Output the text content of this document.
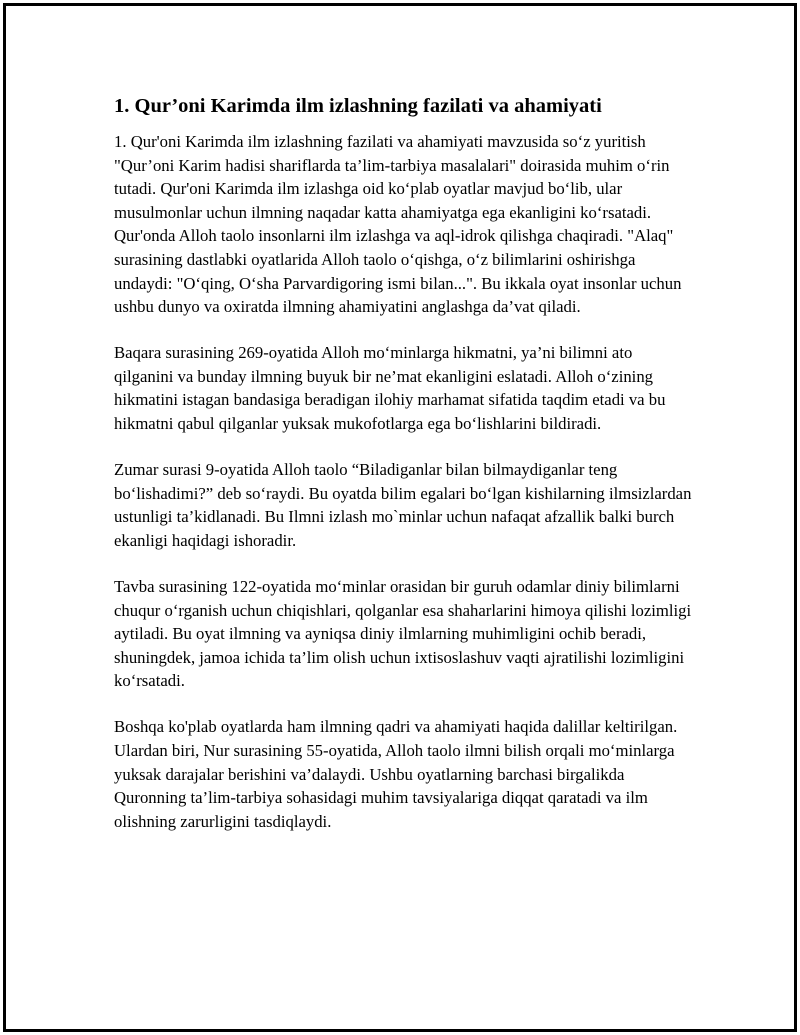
1. Qur’oni Karimda ilm izlashning fazilati va ahamiyati

1. Qur'oni Karimda ilm izlashning fazilati va ahamiyati mavzusida so‘z yuritish "Qur’oni Karim hadisi shariflarda ta’lim-tarbiya masalalari" doirasida muhim o‘rin tutadi. Qur'oni Karimda ilm izlashga oid ko‘plab oyatlar mavjud bo‘lib, ular musulmonlar uchun ilmning naqadar katta ahamiyatga ega ekanligini ko‘rsatadi. Qur'onda Alloh taolo insonlarni ilm izlashga va aql-idrok qilishga chaqiradi. "Alaq" surasining dastlabki oyatlarida Alloh taolo o‘qishga, o‘z bilimlarini oshirishga undaydi: "O‘qing, O‘sha Parvardigoring ismi bilan...". Bu ikkala oyat insonlar uchun ushbu dunyo va oxiratda ilmning ahamiyatini anglashga da’vat qiladi.

Baqara surasining 269-oyatida Alloh mo‘minlarga hikmatni, ya’ni bilimni ato qilganini va bunday ilmning buyuk bir ne’mat ekanligini eslatadi. Alloh o‘zining hikmatini istagan bandasiga beradigan ilohiy marhamat sifatida taqdim etadi va bu hikmatni qabul qilganlar yuksak mukofotlarga ega bo‘lishlarini bildiradi.

Zumar surasi 9-oyatida Alloh taolo “Biladiganlar bilan bilmaydiganlar teng bo‘lishadimi?” deb so‘raydi. Bu oyatda bilim egalari bo‘lgan kishilarning ilmsizlardan ustunligi ta’kidlanadi. Bu Ilmni izlash mo`minlar uchun nafaqat afzallik balki burch ekanligi haqidagi ishoradir.

Tavba surasining 122-oyatida mo‘minlar orasidan bir guruh odamlar diniy bilimlarni chuqur o‘rganish uchun chiqishlari, qolganlar esa shaharlarini himoya qilishi lozimligi aytiladi. Bu oyat ilmning va ayniqsa diniy ilmlarning muhimligini ochib beradi, shuningdek, jamoa ichida ta’lim olish uchun ixtisoslashuv vaqti ajratilishi lozimligini ko‘rsatadi.

Boshqa ko'plab oyatlarda ham ilmning qadri va ahamiyati haqida dalillar keltirilgan. Ulardan biri, Nur surasining 55-oyatida, Alloh taolo ilmni bilish orqali mo‘minlarga yuksak darajalar berishini va’dalaydi. Ushbu oyatlarning barchasi birgalikda Quronning ta’lim-tarbiya sohasidagi muhim tavsiyalariga diqqat qaratadi va ilm olishning zarurligini tasdiqlaydi.
